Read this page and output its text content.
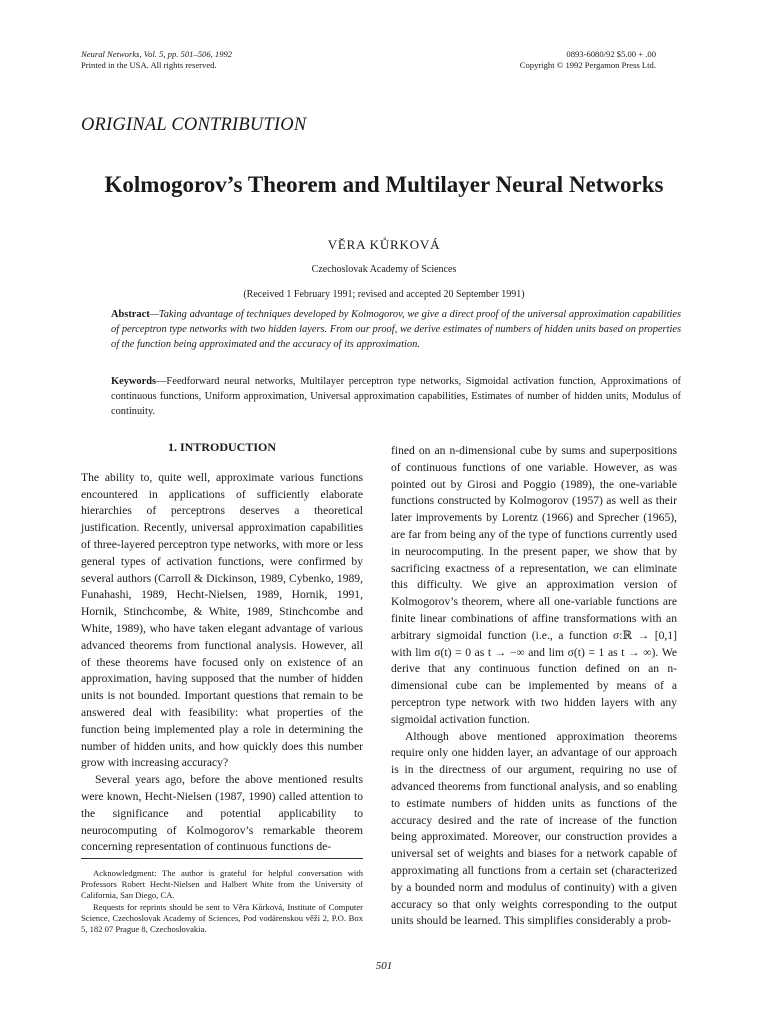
Neural Networks, Vol. 5, pp. 501–506, 1992
Printed in the USA. All rights reserved.
0893-6080/92 $5.00 + .00
Copyright © 1992 Pergamon Press Ltd.
ORIGINAL CONTRIBUTION
Kolmogorov’s Theorem and Multilayer Neural Networks
VĚRA KŮRKOVÁ
Czechoslovak Academy of Sciences
(Received 1 February 1991; revised and accepted 20 September 1991)
Abstract—Taking advantage of techniques developed by Kolmogorov, we give a direct proof of the universal approximation capabilities of perceptron type networks with two hidden layers. From our proof, we derive estimates of numbers of hidden units based on properties of the function being approximated and the accuracy of its approximation.
Keywords—Feedforward neural networks, Multilayer perceptron type networks, Sigmoidal activation function, Approximations of continuous functions, Uniform approximation, Universal approximation capabilities, Estimates of number of hidden units, Modulus of continuity.
1. INTRODUCTION

The ability to, quite well, approximate various functions encountered in applications of sufficiently elaborate hierarchies of perceptrons deserves a theoretical justification. Recently, universal approximation capabilities of three-layered perceptron type networks, with more or less general types of activation functions, were confirmed by several authors (Carroll & Dickinson, 1989, Cybenko, 1989, Funahashi, 1989, Hecht-Nielsen, 1989, Hornik, 1991, Hornik, Stinchcombe, & White, 1989, Stinchcombe and White, 1989), who have taken elegant advantage of various advanced theorems from functional analysis. However, all of these theorems have focused only on existence of an approximation, having supposed that the number of hidden units is not bounded. Important questions that remain to be answered deal with feasibility: what properties of the function being implemented play a role in determining the number of hidden units, and how quickly does this number grow with increasing accuracy?

Several years ago, before the above mentioned results were known, Hecht-Nielsen (1987, 1990) called attention to the significance and potential applicability to neurocomputing of Kolmogorov’s remarkable theorem concerning representation of continuous functions de-

Acknowledgment: The author is grateful for helpful conversation with Professors Robert Hecht-Nielsen and Halbert White from the University of California, San Diego, CA.

Requests for reprints should be sent to Věra Kůrková, Institute of Computer Science, Czechoslovak Academy of Sciences, Pod vodárenskou věží 2, P.O. Box 5, 182 07 Prague 8, Czechoslovakia.

fined on an n-dimensional cube by sums and superpositions of continuous functions of one variable. However, as was pointed out by Girosi and Poggio (1989), the one-variable functions constructed by Kolmogorov (1957) as well as their later improvements by Lorentz (1966) and Sprecher (1965), are far from being any of the type of functions currently used in neurocomputing. In the present paper, we show that by sacrificing exactness of a representation, we can eliminate this difficulty. We give an approximation version of Kolmogorov’s theorem, where all one-variable functions are finite linear combinations of affine transformations with an arbitrary sigmoidal function (i.e., a function σ:ℝ → [0,1] with lim σ(t) = 0 as t → −∞ and lim σ(t) = 1 as t → ∞). We derive that any continuous function defined on an n-dimensional cube can be implemented by means of a perceptron type network with two hidden layers with any sigmoidal activation function.

Although above mentioned approximation theorems require only one hidden layer, an advantage of our approach is in the directness of our argument, requiring no use of advanced theorems from functional analysis, and so enabling to estimate numbers of hidden units as functions of the accuracy desired and the rate of increase of the function being approximated. Moreover, our construction provides a universal set of weights and biases for a network capable of approximating all functions from a certain set (characterized by a bounded norm and modulus of continuity) with a given accuracy so that only weights corresponding to the output units should be learned. This simplifies considerably a prob-

501
